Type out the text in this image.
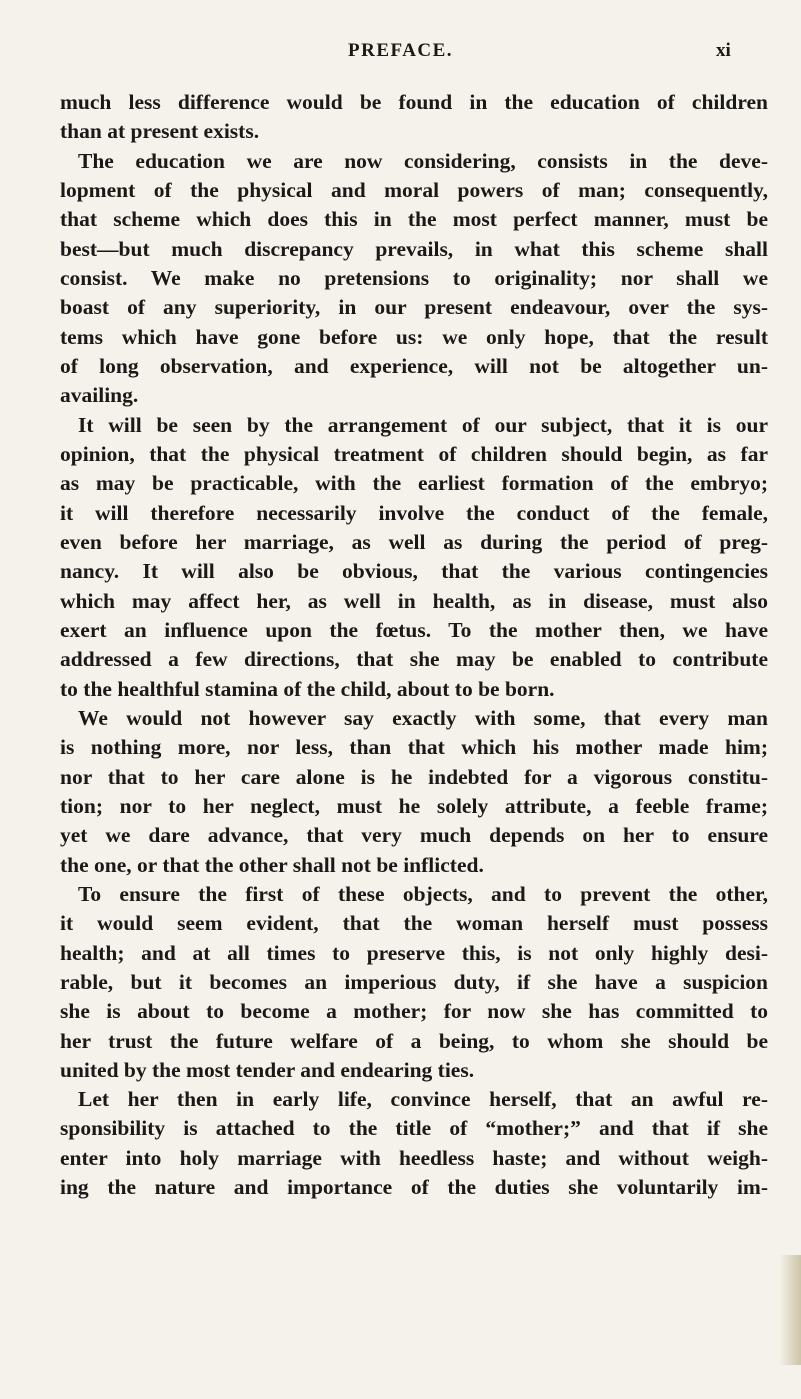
PREFACE.	xi
much less difference would be found in the education of children
than at present exists.
The education we are now considering, consists in the deve-
lopment of the physical and moral powers of man; consequently,
that scheme which does this in the most perfect manner, must be
best—but much discrepancy prevails, in what this scheme shall
consist. We make no pretensions to originality; nor shall we
boast of any superiority, in our present endeavour, over the sys-
tems which have gone before us: we only hope, that the result
of long observation, and experience, will not be altogether un-
availing.
It will be seen by the arrangement of our subject, that it is our
opinion, that the physical treatment of children should begin, as far
as may be practicable, with the earliest formation of the embryo;
it will therefore necessarily involve the conduct of the female,
even before her marriage, as well as during the period of preg-
nancy. It will also be obvious, that the various contingencies
which may affect her, as well in health, as in disease, must also
exert an influence upon the fœtus. To the mother then, we have
addressed a few directions, that she may be enabled to contribute
to the healthful stamina of the child, about to be born.
We would not however say exactly with some, that every man
is nothing more, nor less, than that which his mother made him;
nor that to her care alone is he indebted for a vigorous constitu-
tion; nor to her neglect, must he solely attribute, a feeble frame;
yet we dare advance, that very much depends on her to ensure
the one, or that the other shall not be inflicted.
To ensure the first of these objects, and to prevent the other,
it would seem evident, that the woman herself must possess
health; and at all times to preserve this, is not only highly desi-
rable, but it becomes an imperious duty, if she have a suspicion
she is about to become a mother; for now she has committed to
her trust the future welfare of a being, to whom she should be
united by the most tender and endearing ties.
Let her then in early life, convince herself, that an awful re-
sponsibility is attached to the title of “mother;” and that if she
enter into holy marriage with heedless haste; and without weigh-
ing the nature and importance of the duties she voluntarily im-
